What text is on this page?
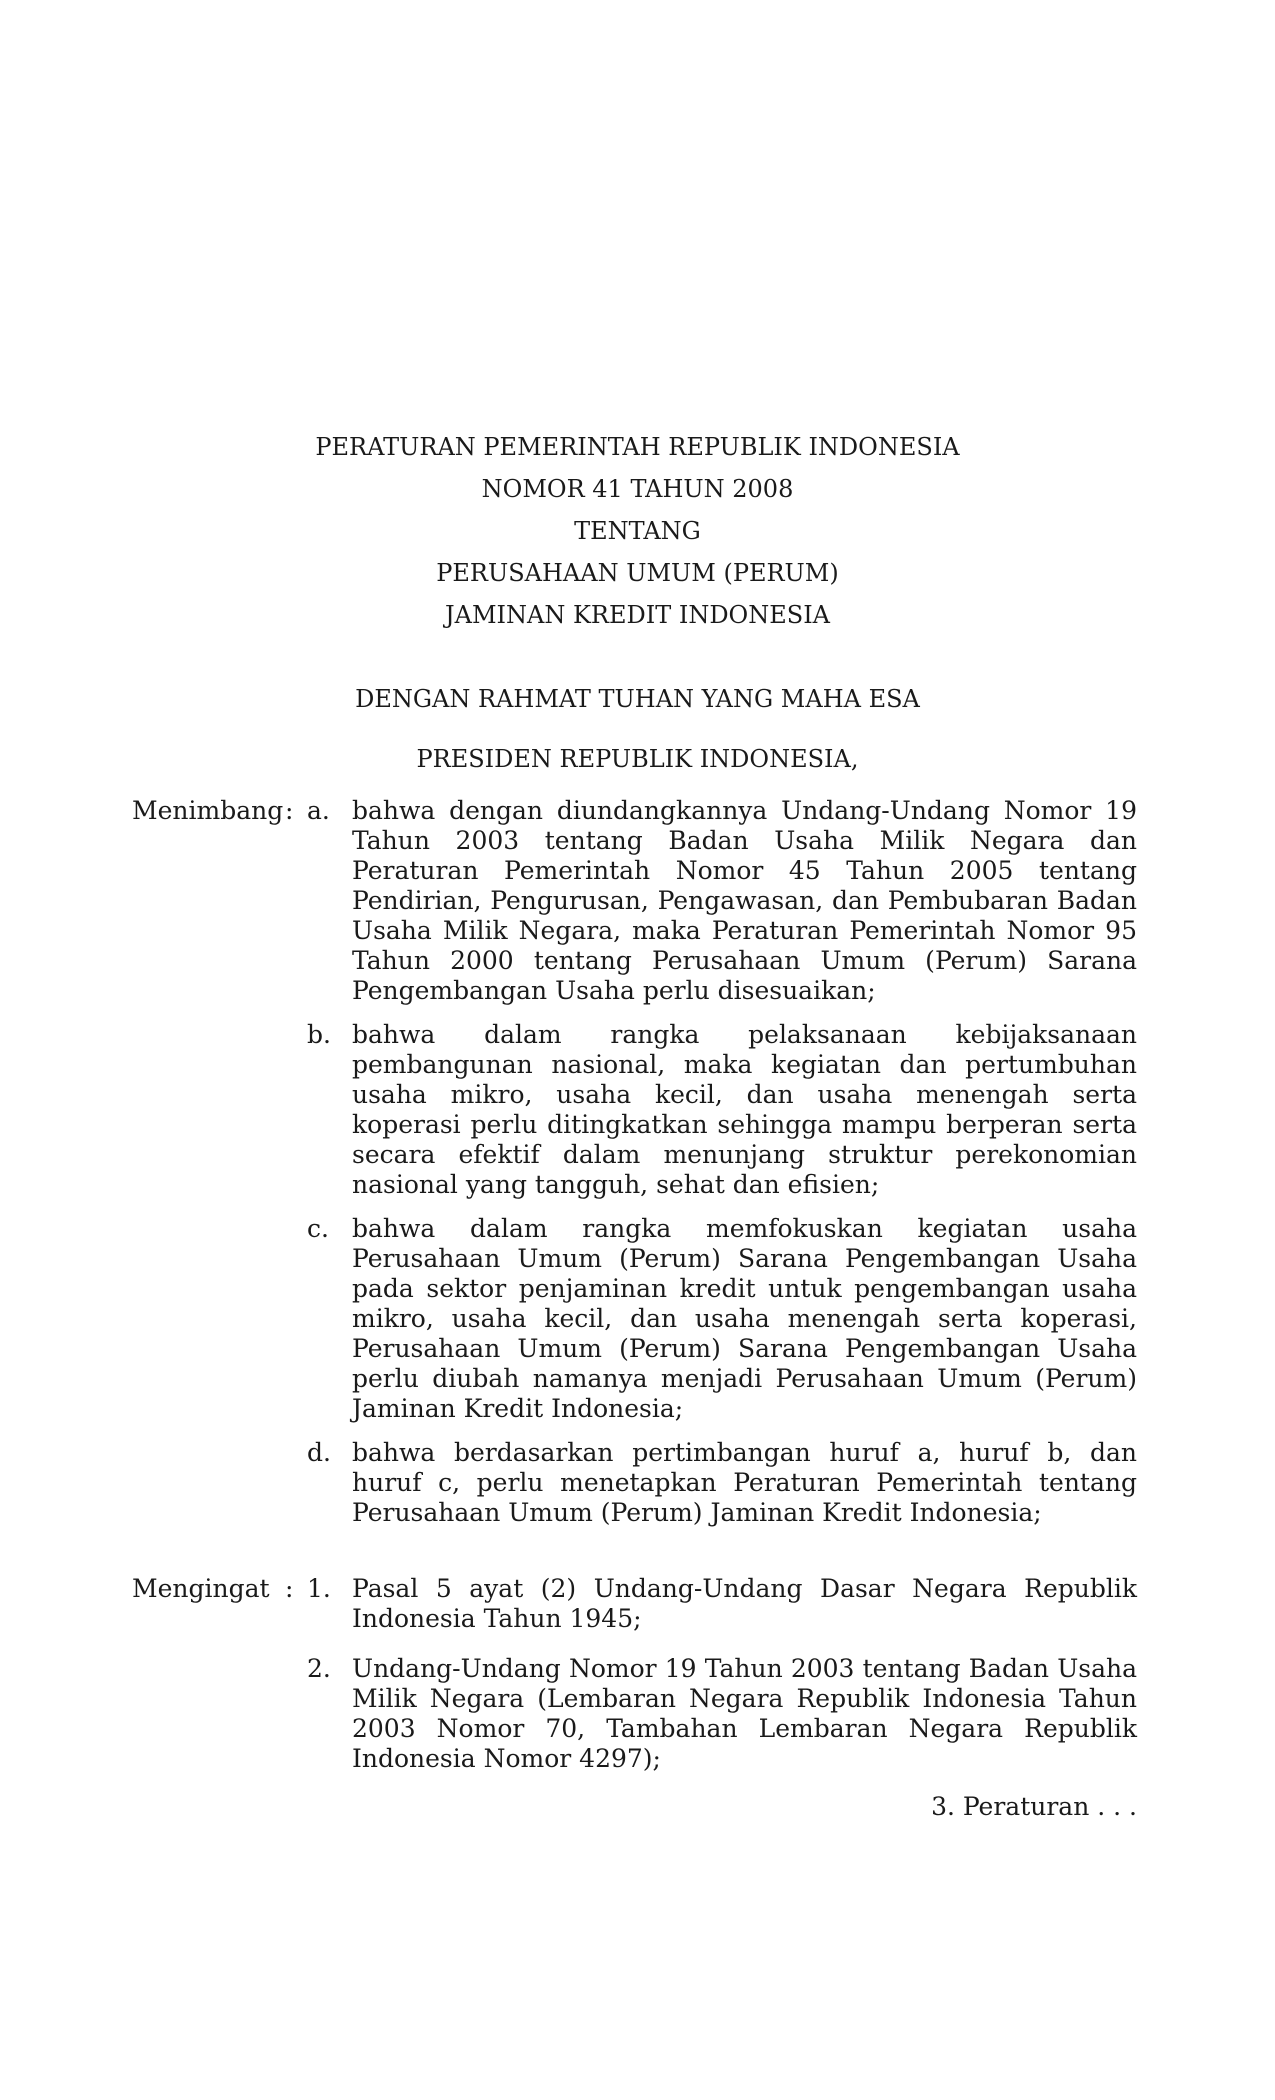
PERATURAN PEMERINTAH REPUBLIK INDONESIA
NOMOR 41 TAHUN 2008
TENTANG
PERUSAHAAN UMUM (PERUM)
JAMINAN KREDIT INDONESIA
DENGAN RAHMAT TUHAN YANG MAHA ESA
PRESIDEN REPUBLIK INDONESIA,
Menimbang : a. bahwa dengan diundangkannya Undang-Undang Nomor 19 Tahun 2003 tentang Badan Usaha Milik Negara dan Peraturan Pemerintah Nomor 45 Tahun 2005 tentang Pendirian, Pengurusan, Pengawasan, dan Pembubaran Badan Usaha Milik Negara, maka Peraturan Pemerintah Nomor 95 Tahun 2000 tentang Perusahaan Umum (Perum) Sarana Pengembangan Usaha perlu disesuaikan;
b. bahwa dalam rangka pelaksanaan kebijaksanaan pembangunan nasional, maka kegiatan dan pertumbuhan usaha mikro, usaha kecil, dan usaha menengah serta koperasi perlu ditingkatkan sehingga mampu berperan serta secara efektif dalam menunjang struktur perekonomian nasional yang tangguh, sehat dan efisien;
c. bahwa dalam rangka memfokuskan kegiatan usaha Perusahaan Umum (Perum) Sarana Pengembangan Usaha pada sektor penjaminan kredit untuk pengembangan usaha mikro, usaha kecil, dan usaha menengah serta koperasi, Perusahaan Umum (Perum) Sarana Pengembangan Usaha perlu diubah namanya menjadi Perusahaan Umum (Perum) Jaminan Kredit Indonesia;
d. bahwa berdasarkan pertimbangan huruf a, huruf b, dan huruf c, perlu menetapkan Peraturan Pemerintah tentang Perusahaan Umum (Perum) Jaminan Kredit Indonesia;
Mengingat : 1. Pasal 5 ayat (2) Undang-Undang Dasar Negara Republik Indonesia Tahun 1945;
2. Undang-Undang Nomor 19 Tahun 2003 tentang Badan Usaha Milik Negara (Lembaran Negara Republik Indonesia Tahun 2003 Nomor 70, Tambahan Lembaran Negara Republik Indonesia Nomor 4297);
3. Peraturan . . .
